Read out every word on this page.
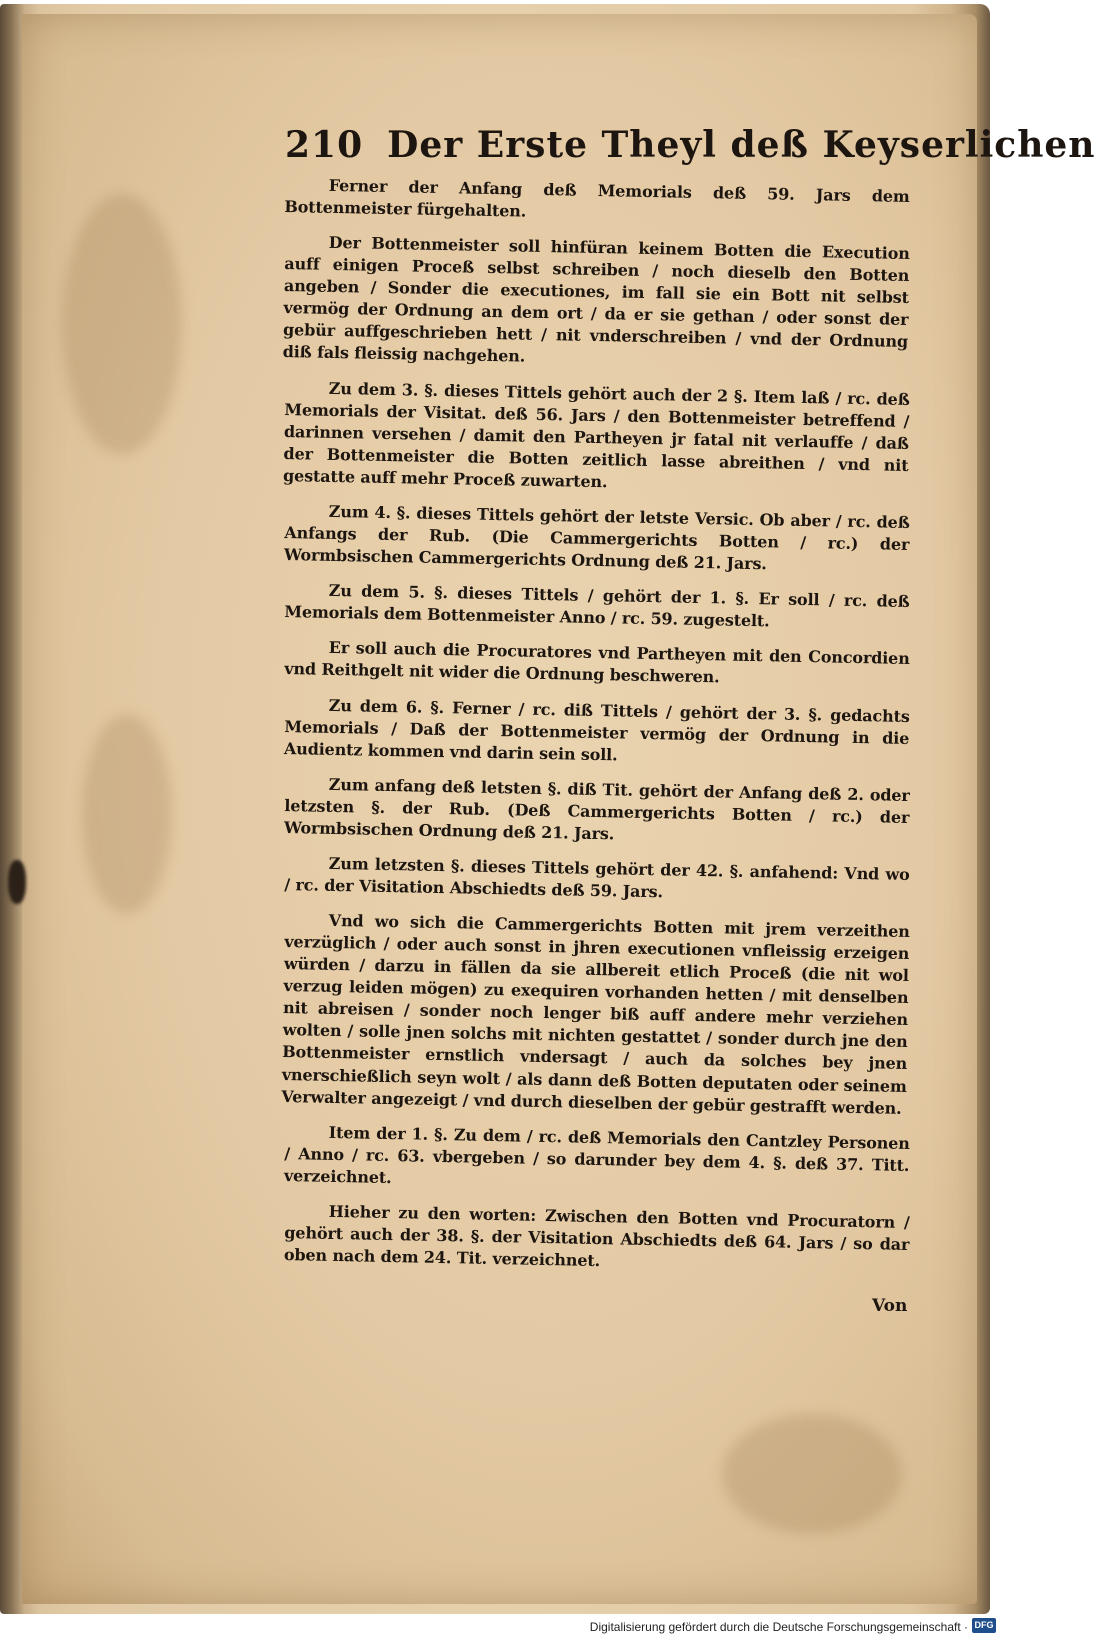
210 Der Erste Theyl deß Keyserlichen

Ferner der Anfang deß Memorials deß 59. Jars dem Bottenmeister fürgehalten.

Der Bottenmeister soll hinfüran keinem Botten die Execution auff einigen Proceß selbst schreiben / noch dieselb den Botten angeben / Sonder die executiones, im fall sie ein Bott nit selbst vermög der Ordnung an dem ort / da er sie gethan / oder sonst der gebür auffgeschrieben hett / nit vnderschreiben / vnd der Ordnung diß fals fleissig nachgehen.

Zu dem 3. §. dieses Tittels gehört auch der 2 §. Item laß / rc. deß Memorials der Visitat. deß 56. Jars / den Bottenmeister betreffend / darinnen versehen / damit den Partheyen jr fatal nit verlauffe / daß der Bottenmeister die Botten zeitlich lasse abreithen / vnd nit gestatte auff mehr Proceß zuwarten.

Zum 4. §. dieses Tittels gehört der letste Versic. Ob aber / rc. deß Anfangs der Rub. (Die Cammergerichts Botten / rc.) der Wormbsischen Cammergerichts Ordnung deß 21. Jars.

Zu dem 5. §. dieses Tittels / gehört der 1. §. Er soll / rc. deß Memorials dem Bottenmeister Anno / rc. 59. zugestelt.

Er soll auch die Procuratores vnd Partheyen mit den Concordien vnd Reithgelt nit wider die Ordnung beschweren.

Zu dem 6. §. Ferner / rc. diß Tittels / gehört der 3. §. gedachts Memorials / Daß der Bottenmeister vermög der Ordnung in die Audientz kommen vnd darin sein soll.

Zum anfang deß letsten §. diß Tit. gehört der Anfang deß 2. oder letzsten §. der Rub. (Deß Cammergerichts Botten / rc.) der Wormbsischen Ordnung deß 21. Jars.

Zum letzsten §. dieses Tittels gehört der 42. §. anfahend: Vnd wo / rc. der Visitation Abschiedts deß 59. Jars.

Vnd wo sich die Cammergerichts Botten mit jrem verzeithen verzüglich / oder auch sonst in jhren executionen vnfleissig erzeigen würden / darzu in fällen da sie allbereit etlich Proceß (die nit wol verzug leiden mögen) zu exequiren vorhanden hetten / mit denselben nit abreisen / sonder noch lenger biß auff andere mehr verziehen wolten / solle jnen solchs mit nichten gestattet / sonder durch jne den Bottenmeister ernstlich vndersagt / auch da solches bey jnen vnerschießlich seyn wolt / als dann deß Botten deputaten oder seinem Verwalter angezeigt / vnd durch dieselben der gebür gestrafft werden.

Item der 1. §. Zu dem / rc. deß Memorials den Cantzley Personen / Anno / rc. 63. vbergeben / so darunder bey dem 4. §. deß 37. Titt. verzeichnet.

Hieher zu den worten: Zwischen den Botten vnd Procuratorn / gehört auch der 38. §. der Visitation Abschiedts deß 64. Jars / so dar oben nach dem 24. Tit. verzeichnet.

Von
Digitalisierung gefördert durch die Deutsche Forschungsgemeinschaft · DFG
